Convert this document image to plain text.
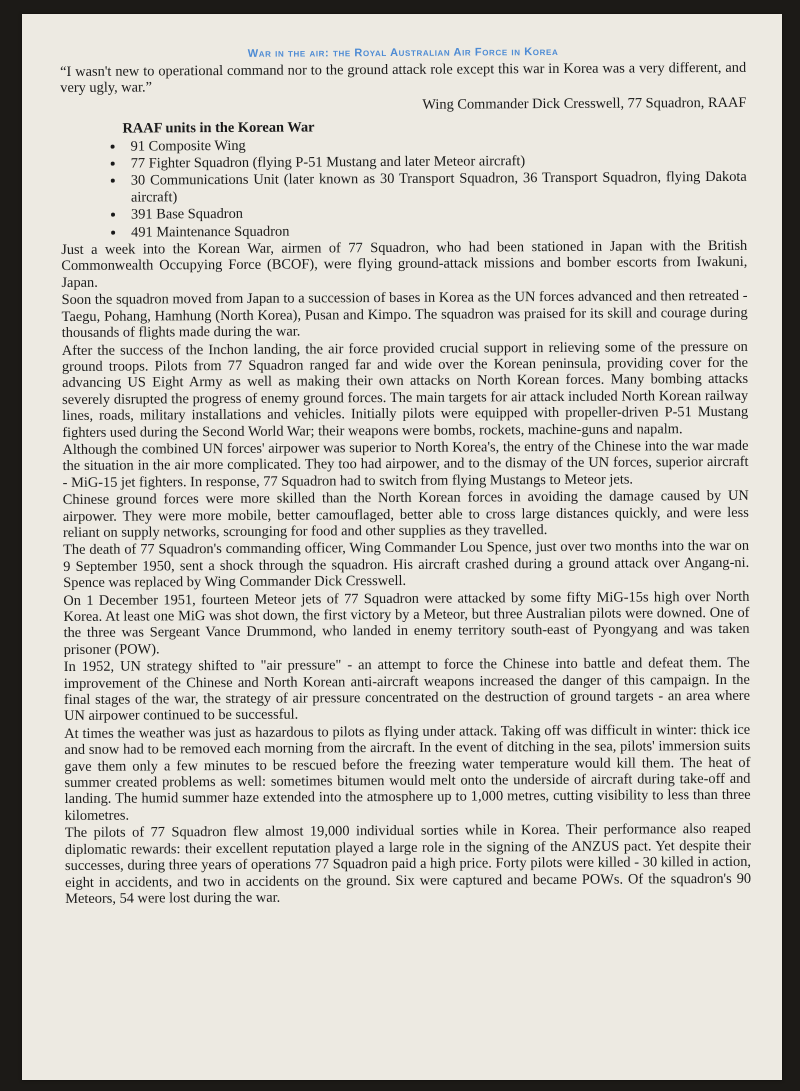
War in the air: the Royal Australian Air Force in Korea

“I wasn't new to operational command nor to the ground attack role except this war in Korea was a very different, and very ugly, war.”

Wing Commander Dick Cresswell, 77 Squadron, RAAF
RAAF units in the Korean War
• 91 Composite Wing
• 77 Fighter Squadron (flying P-51 Mustang and later Meteor aircraft)
• 30 Communications Unit (later known as 30 Transport Squadron, 36 Transport Squadron, flying Dakota aircraft)
• 391 Base Squadron
• 491 Maintenance Squadron

Just a week into the Korean War, airmen of 77 Squadron, who had been stationed in Japan with the British Commonwealth Occupying Force (BCOF), were flying ground-attack missions and bomber escorts from Iwakuni, Japan.

Soon the squadron moved from Japan to a succession of bases in Korea as the UN forces advanced and then retreated - Taegu, Pohang, Hamhung (North Korea), Pusan and Kimpo. The squadron was praised for its skill and courage during thousands of flights made during the war.

After the success of the Inchon landing, the air force provided crucial support in relieving some of the pressure on ground troops. Pilots from 77 Squadron ranged far and wide over the Korean peninsula, providing cover for the advancing US Eight Army as well as making their own attacks on North Korean forces. Many bombing attacks severely disrupted the progress of enemy ground forces. The main targets for air attack included North Korean railway lines, roads, military installations and vehicles. Initially pilots were equipped with propeller-driven P-51 Mustang fighters used during the Second World War; their weapons were bombs, rockets, machine-guns and napalm.

Although the combined UN forces' airpower was superior to North Korea's, the entry of the Chinese into the war made the situation in the air more complicated. They too had airpower, and to the dismay of the UN forces, superior aircraft - MiG-15 jet fighters. In response, 77 Squadron had to switch from flying Mustangs to Meteor jets.

Chinese ground forces were more skilled than the North Korean forces in avoiding the damage caused by UN airpower. They were more mobile, better camouflaged, better able to cross large distances quickly, and were less reliant on supply networks, scrounging for food and other supplies as they travelled.

The death of 77 Squadron's commanding officer, Wing Commander Lou Spence, just over two months into the war on 9 September 1950, sent a shock through the squadron. His aircraft crashed during a ground attack over Angang-ni. Spence was replaced by Wing Commander Dick Cresswell.

On 1 December 1951, fourteen Meteor jets of 77 Squadron were attacked by some fifty MiG-15s high over North Korea. At least one MiG was shot down, the first victory by a Meteor, but three Australian pilots were downed. One of the three was Sergeant Vance Drummond, who landed in enemy territory south-east of Pyongyang and was taken prisoner (POW).

In 1952, UN strategy shifted to "air pressure" - an attempt to force the Chinese into battle and defeat them. The improvement of the Chinese and North Korean anti-aircraft weapons increased the danger of this campaign. In the final stages of the war, the strategy of air pressure concentrated on the destruction of ground targets - an area where UN airpower continued to be successful.

At times the weather was just as hazardous to pilots as flying under attack. Taking off was difficult in winter: thick ice and snow had to be removed each morning from the aircraft. In the event of ditching in the sea, pilots' immersion suits gave them only a few minutes to be rescued before the freezing water temperature would kill them. The heat of summer created problems as well: sometimes bitumen would melt onto the underside of aircraft during take-off and landing. The humid summer haze extended into the atmosphere up to 1,000 metres, cutting visibility to less than three kilometres.

The pilots of 77 Squadron flew almost 19,000 individual sorties while in Korea. Their performance also reaped diplomatic rewards: their excellent reputation played a large role in the signing of the ANZUS pact. Yet despite their successes, during three years of operations 77 Squadron paid a high price. Forty pilots were killed - 30 killed in action, eight in accidents, and two in accidents on the ground. Six were captured and became POWs. Of the squadron's 90 Meteors, 54 were lost during the war.
